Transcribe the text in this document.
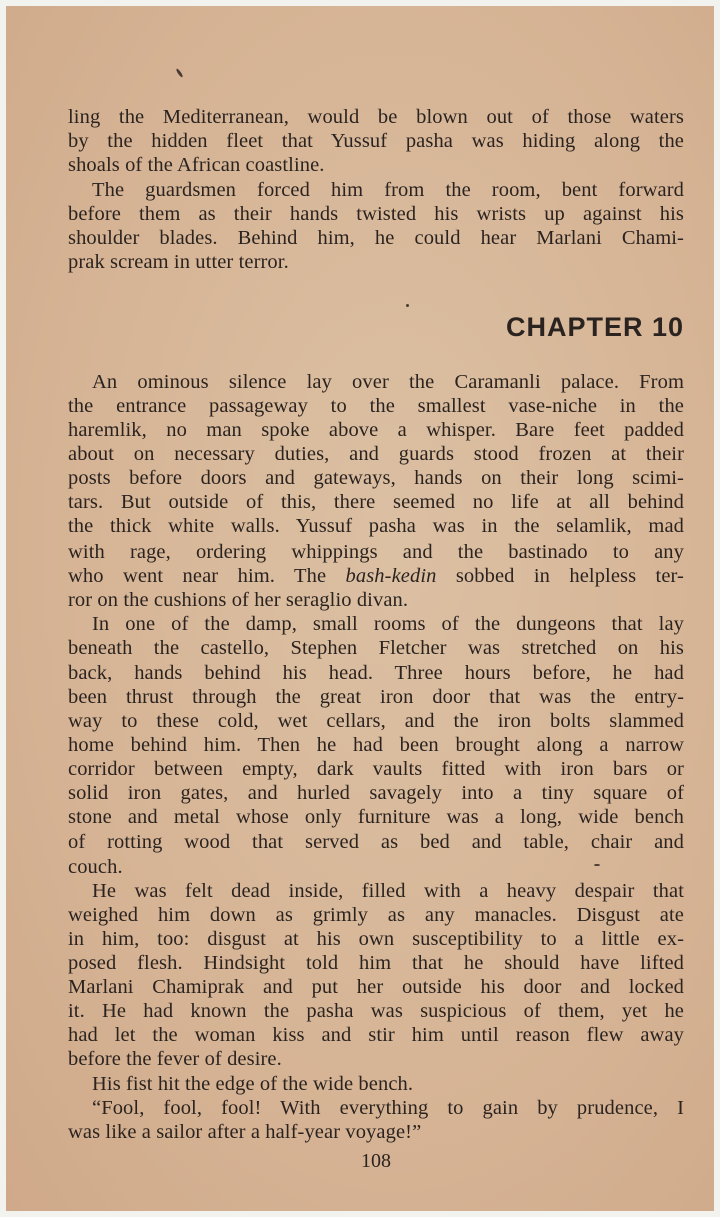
ling the Mediterranean, would be blown out of those waters
by the hidden fleet that Yussuf pasha was hiding along the
shoals of the African coastline.
The guardsmen forced him from the room, bent forward
before them as their hands twisted his wrists up against his
shoulder blades. Behind him, he could hear Marlani Chami-
prak scream in utter terror.
CHAPTER 10
An ominous silence lay over the Caramanli palace. From
the entrance passageway to the smallest vase-niche in the
haremlik, no man spoke above a whisper. Bare feet padded
about on necessary duties, and guards stood frozen at their
posts before doors and gateways, hands on their long scimi-
tars. But outside of this, there seemed no life at all behind
the thick white walls. Yussuf pasha was in the selamlik, mad
with rage, ordering whippings and the bastinado to any
who went near him. The bash-kedin sobbed in helpless ter-
ror on the cushions of her seraglio divan.
In one of the damp, small rooms of the dungeons that lay
beneath the castello, Stephen Fletcher was stretched on his
back, hands behind his head. Three hours before, he had
been thrust through the great iron door that was the entry-
way to these cold, wet cellars, and the iron bolts slammed
home behind him. Then he had been brought along a narrow
corridor between empty, dark vaults fitted with iron bars or
solid iron gates, and hurled savagely into a tiny square of
stone and metal whose only furniture was a long, wide bench
of rotting wood that served as bed and table, chair and
couch.
He was felt dead inside, filled with a heavy despair that
weighed him down as grimly as any manacles. Disgust ate
in him, too: disgust at his own susceptibility to a little ex-
posed flesh. Hindsight told him that he should have lifted
Marlani Chamiprak and put her outside his door and locked
it. He had known the pasha was suspicious of them, yet he
had let the woman kiss and stir him until reason flew away
before the fever of desire.
His fist hit the edge of the wide bench.
“Fool, fool, fool! With everything to gain by prudence, I
was like a sailor after a half-year voyage!”
108
